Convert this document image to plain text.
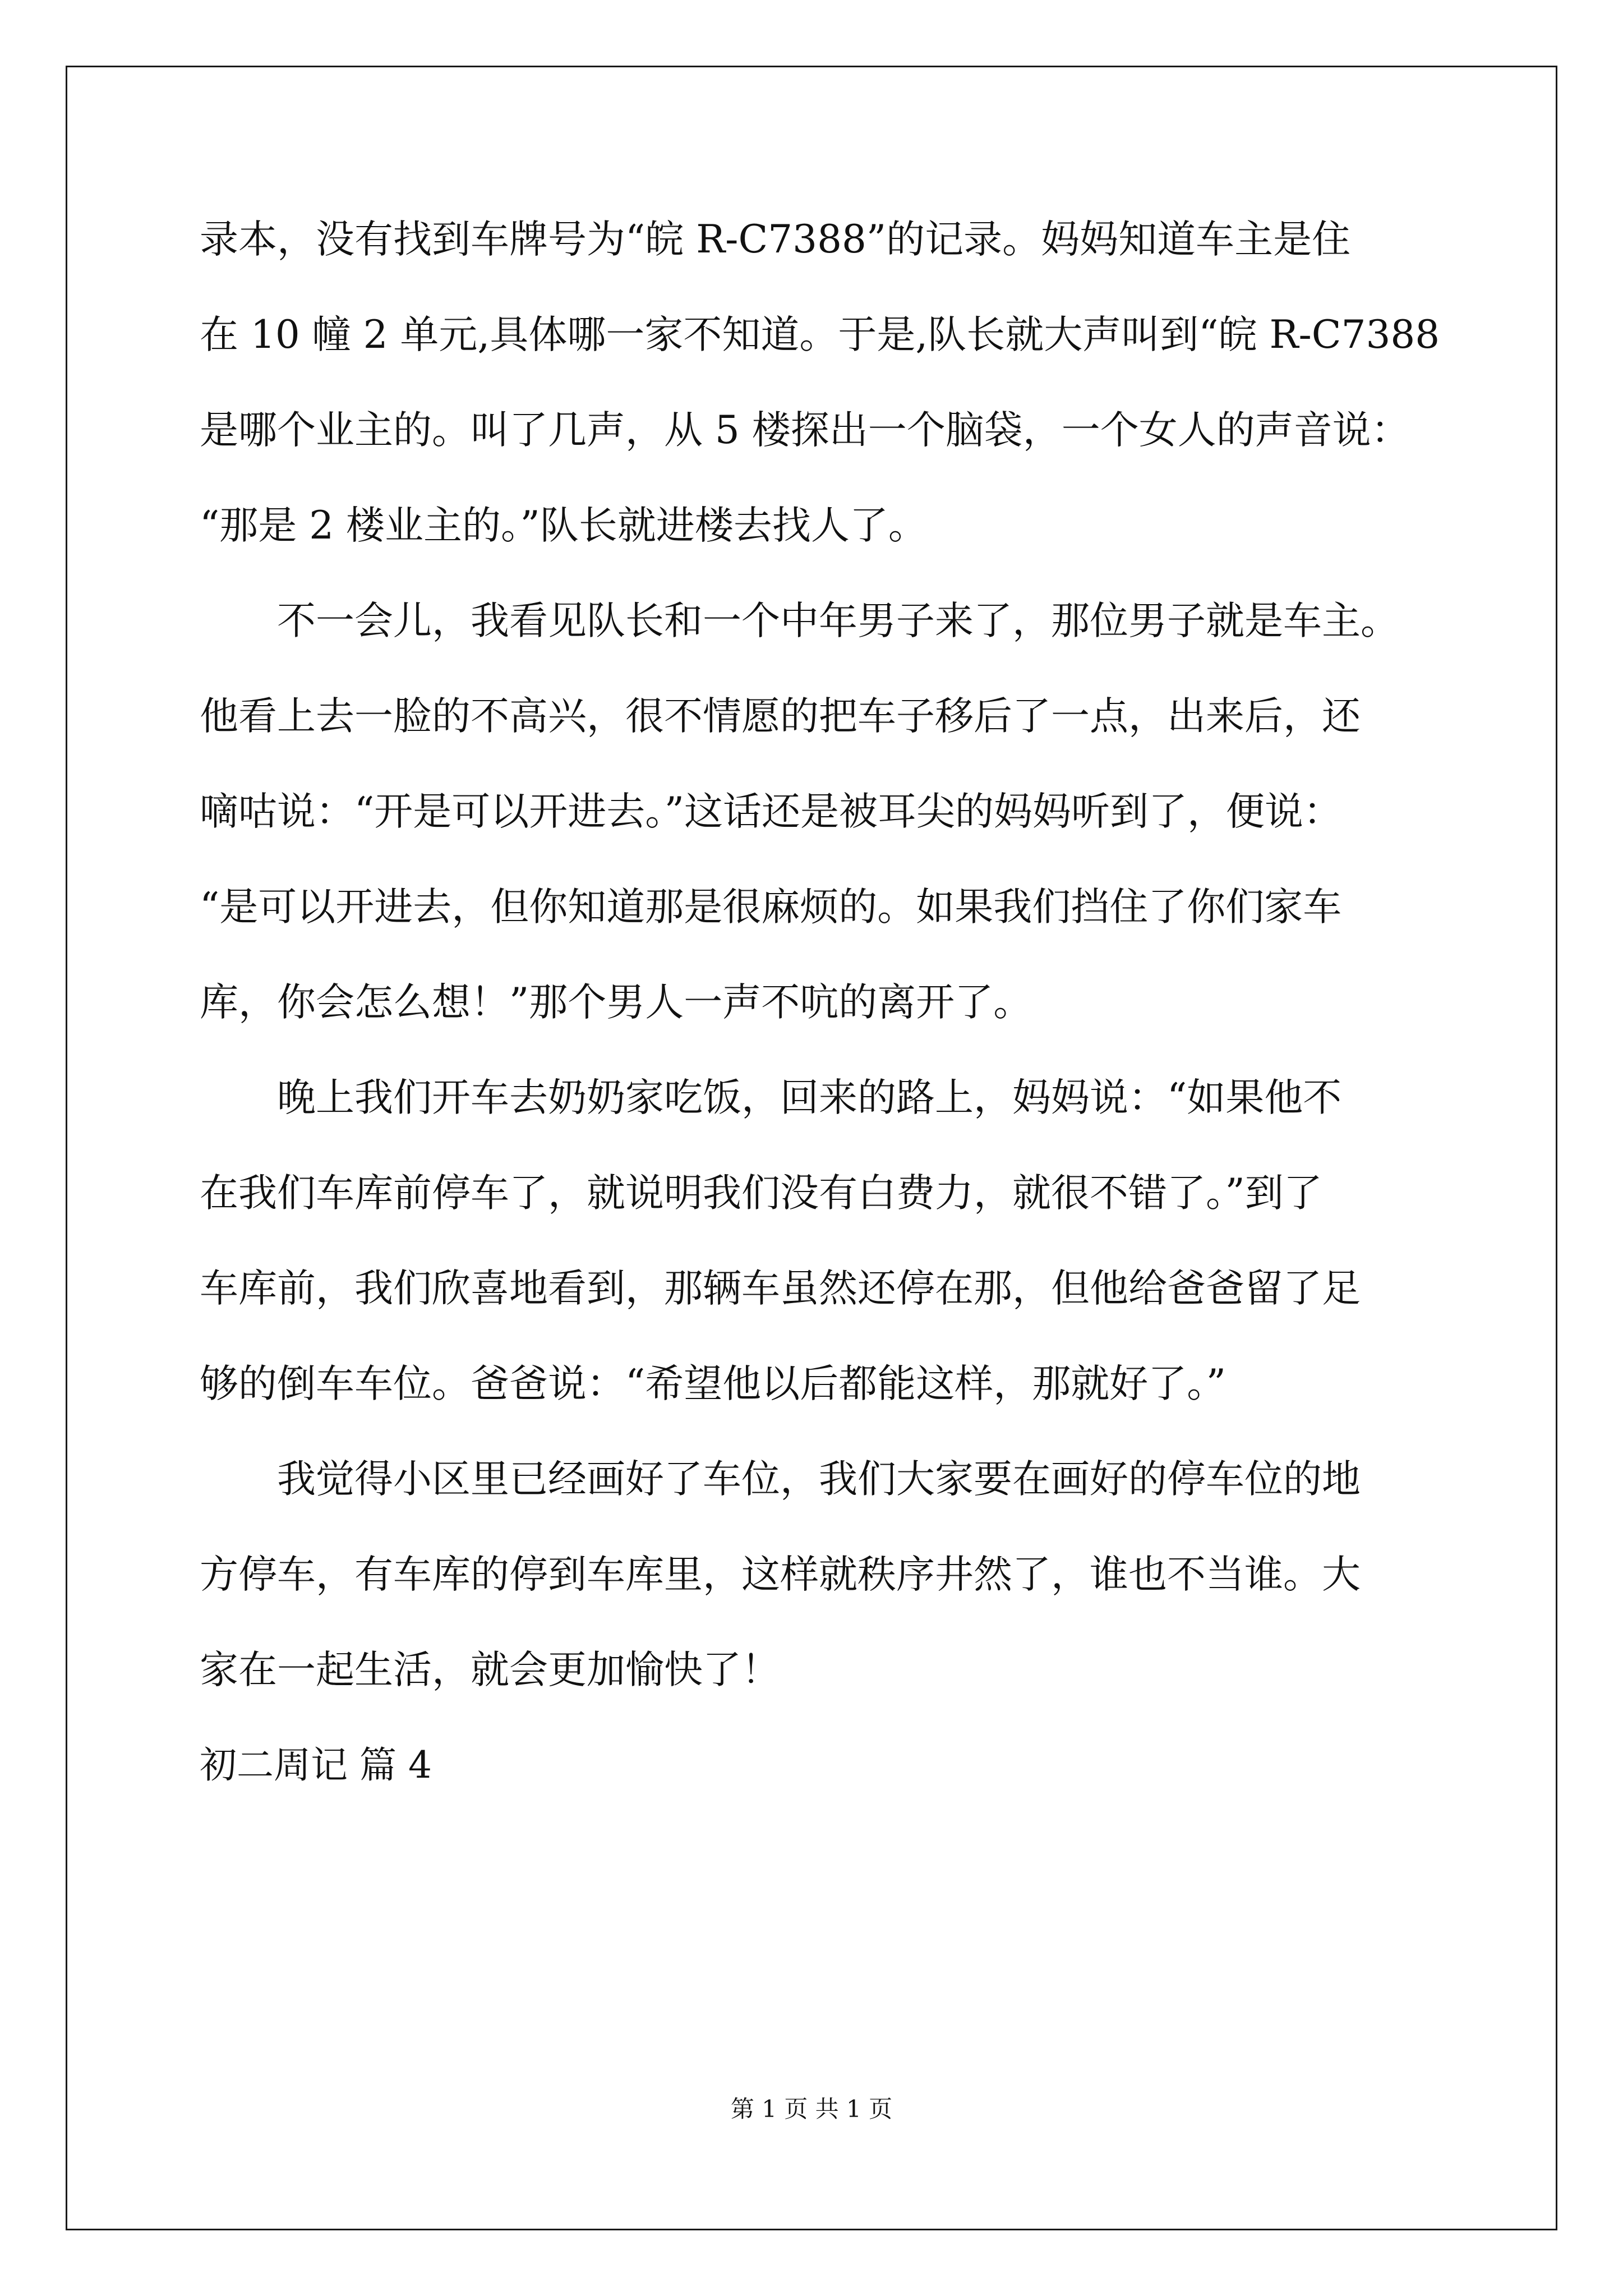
录本，没有找到车牌号为“皖 R-C7388”的记录。妈妈知道车主是住
在 10 幢 2 单元,具体哪一家不知道。于是,队长就大声叫到“皖 R-C7388
是哪个业主的。叫了几声，从 5 楼探出一个脑袋，一个女人的声音说：
“那是 2 楼业主的。”队长就进楼去找人了。
不一会儿，我看见队长和一个中年男子来了，那位男子就是车主。
他看上去一脸的不高兴，很不情愿的把车子移后了一点，出来后，还
嘀咕说：“开是可以开进去。”这话还是被耳尖的妈妈听到了，便说：
“是可以开进去，但你知道那是很麻烦的。如果我们挡住了你们家车
库，你会怎么想！”那个男人一声不吭的离开了。
晚上我们开车去奶奶家吃饭，回来的路上，妈妈说：“如果他不
在我们车库前停车了，就说明我们没有白费力，就很不错了。”到了
车库前，我们欣喜地看到，那辆车虽然还停在那，但他给爸爸留了足
够的倒车车位。爸爸说：“希望他以后都能这样，那就好了。”
我觉得小区里已经画好了车位，我们大家要在画好的停车位的地
方停车，有车库的停到车库里，这样就秩序井然了，谁也不当谁。大
家在一起生活，就会更加愉快了！
初二周记 篇 4
第 1 页 共 1 页
